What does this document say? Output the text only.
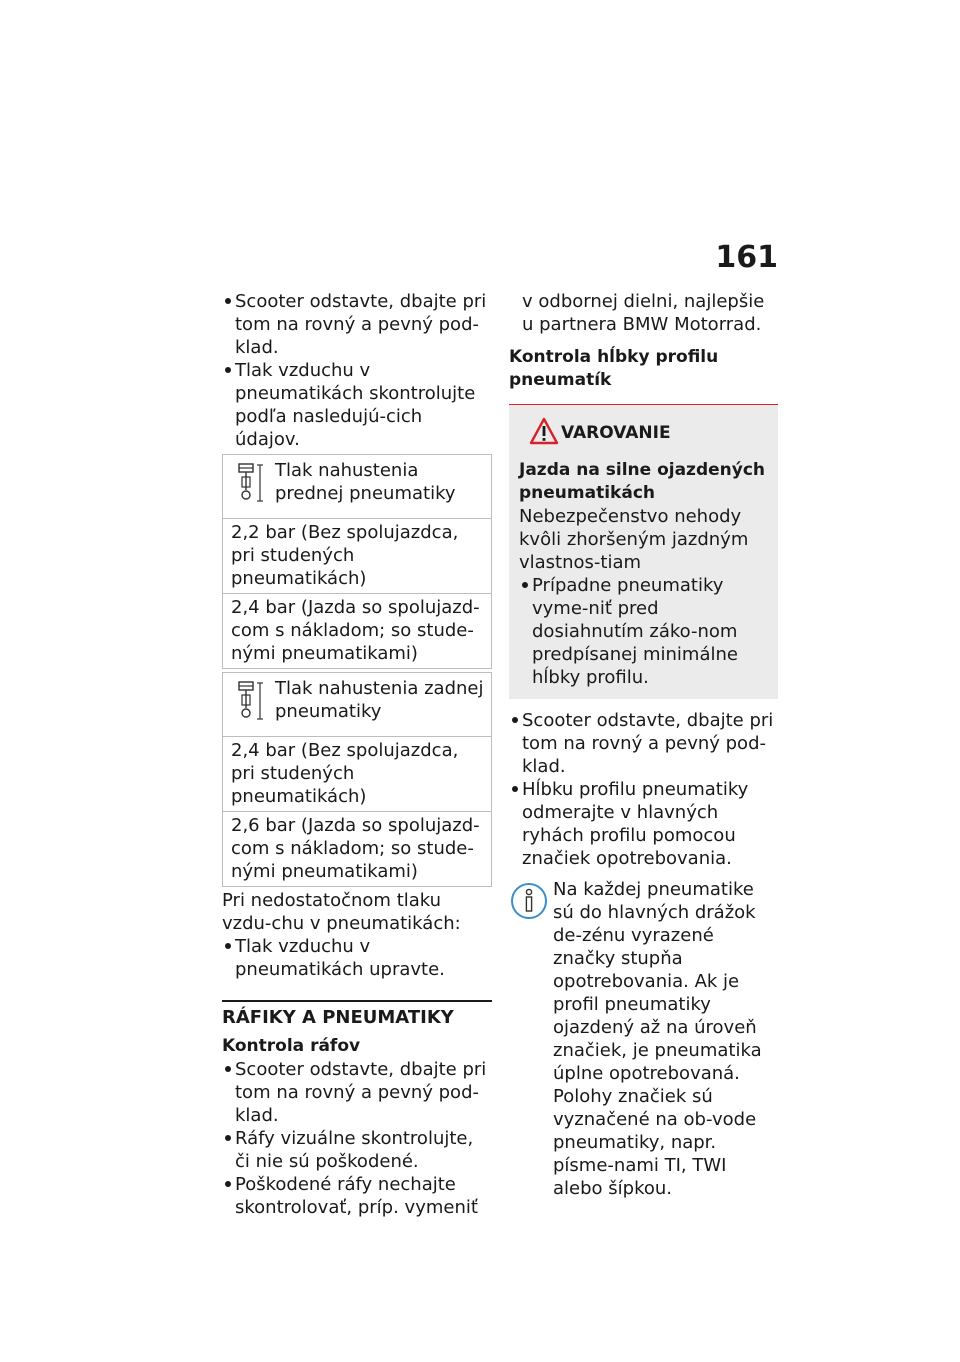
161

Scooter odstavte, dbajte pri tom na rovný a pevný pod-klad.

Tlak vzduchu v pneumatikách skontrolujte podľa nasledujú-cich údajov.

Tlak nahustenia prednej pneumatiky

2,2 bar (Bez spolujazdca, pri studených pneumatikách)

2,4 bar (Jazda so spolujazd-com s nákladom; so stude-nými pneumatikami)

Tlak nahustenia zadnej pneumatiky

2,4 bar (Bez spolujazdca, pri studených pneumatikách)

2,6 bar (Jazda so spolujazd-com s nákladom; so stude-nými pneumatikami)

Pri nedostatočnom tlaku vzdu-chu v pneumatikách:

Tlak vzduchu v pneumatikách upravte.

RÁFIKY A PNEUMATIKY

Kontrola ráfov

Scooter odstavte, dbajte pri tom na rovný a pevný pod-klad.

Ráfy vizuálne skontrolujte, či nie sú poškodené.

Poškodené ráfy nechajte skontrolovať, príp. vymeniť

v odbornej dielni, najlepšie u partnera BMW Motorrad.

Kontrola hĺbky profilu pneumatík

VAROVANIE

Jazda na silne ojazdených pneumatikách

Nebezpečenstvo nehody kvôli zhoršeným jazdným vlastnos-tiam

Prípadne pneumatiky vyme-niť pred dosiahnutím záko-nom predpísanej minimálne hĺbky profilu.

Scooter odstavte, dbajte pri tom na rovný a pevný pod-klad.

Hĺbku profilu pneumatiky odmerajte v hlavných ryhách profilu pomocou značiek opotrebovania.

Na každej pneumatike sú do hlavných drážok de-zénu vyrazené značky stupňa opotrebovania. Ak je profil pneumatiky ojazdený až na úroveň značiek, je pneumatika úplne opotrebovaná. Polohy značiek sú vyznačené na ob-vode pneumatiky, napr. písme-nami TI, TWI alebo šípkou.
